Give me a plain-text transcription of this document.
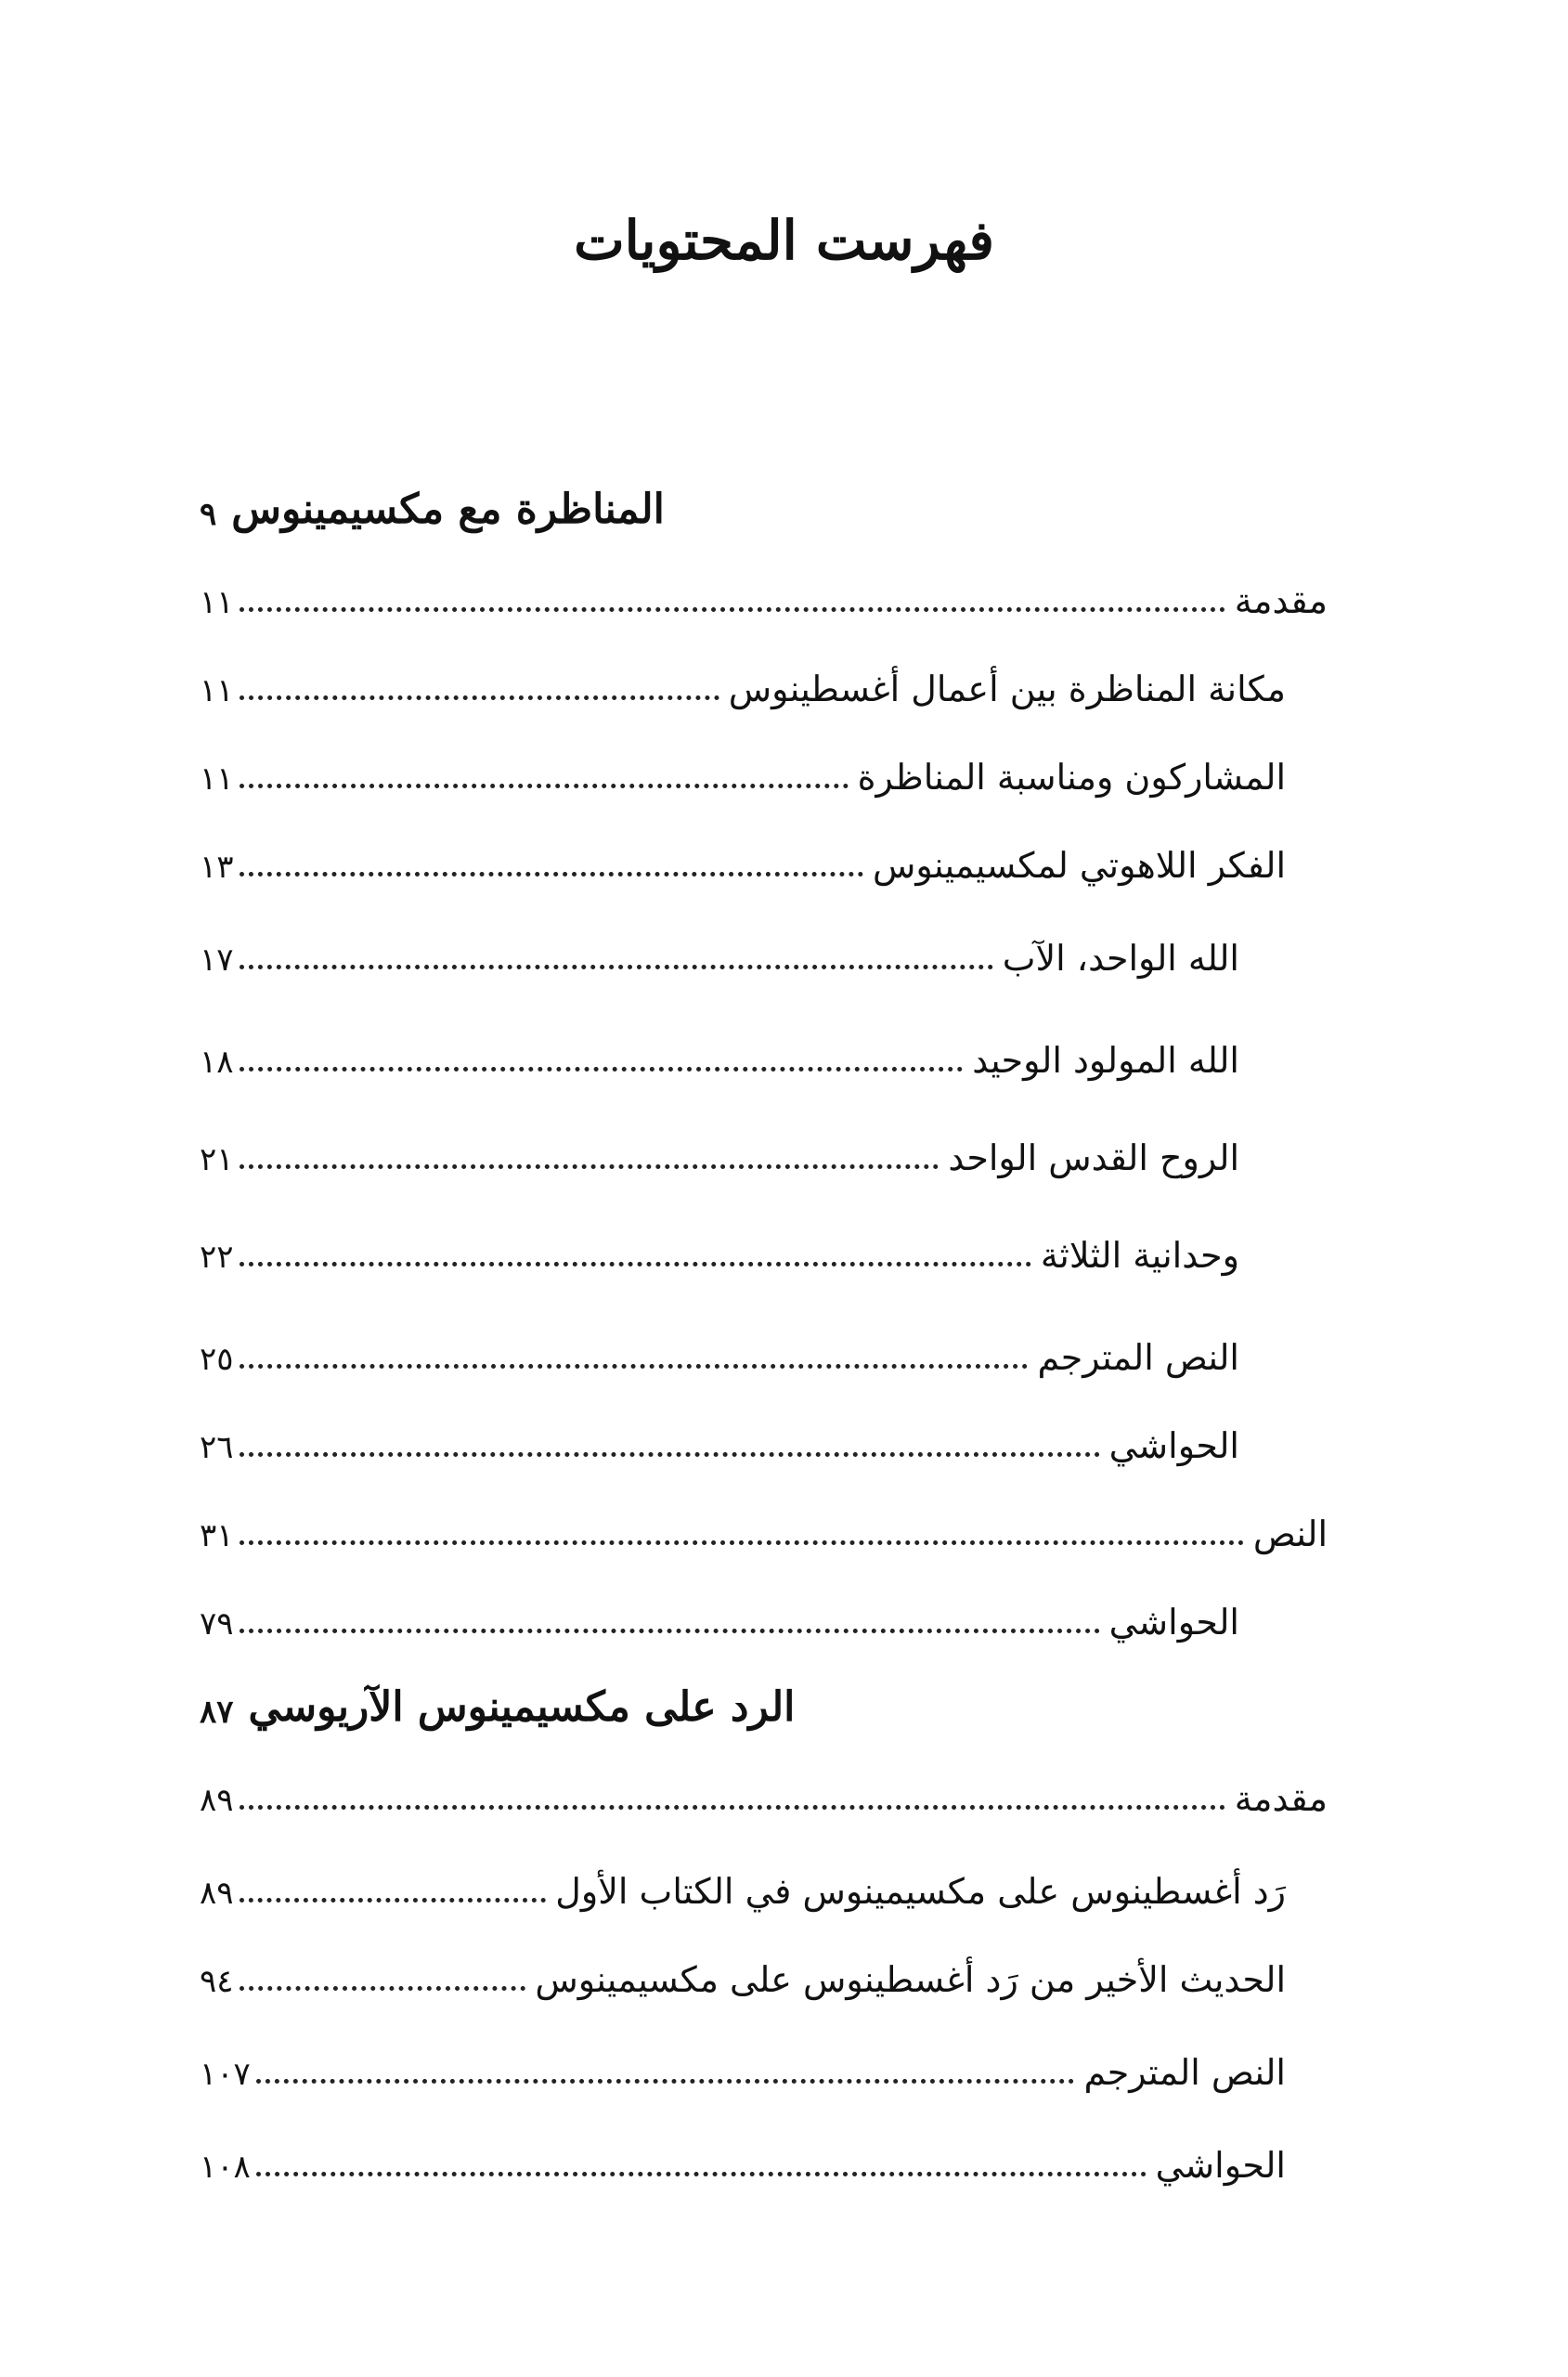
فهرست المحتويات
٩ المناظرة مع مكسيمينوس
١١	مقدمة
١١	مكانة المناظرة بين أعمال أغسطينوس
١١	المشاركون ومناسبة المناظرة
١٣	الفكر اللاهوتي لمكسيمينوس
١٧	الله الواحد، الآب
١٨	الله المولود الوحيد
٢١	الروح القدس الواحد
٢٢	وحدانية الثلاثة
٢٥	النص المترجم
٢٦	الحواشي
٣١	النص
٧٩	الحواشي
٨٧ الرد على مكسيمينوس الآريوسي
٨٩	مقدمة
٨٩	رَد أغسطينوس على مكسيمينوس في الكتاب الأول
٩٤	الحديث الأخير من رَد أغسطينوس على مكسيمينوس
١٠٧	النص المترجم
١٠٨	الحواشي
